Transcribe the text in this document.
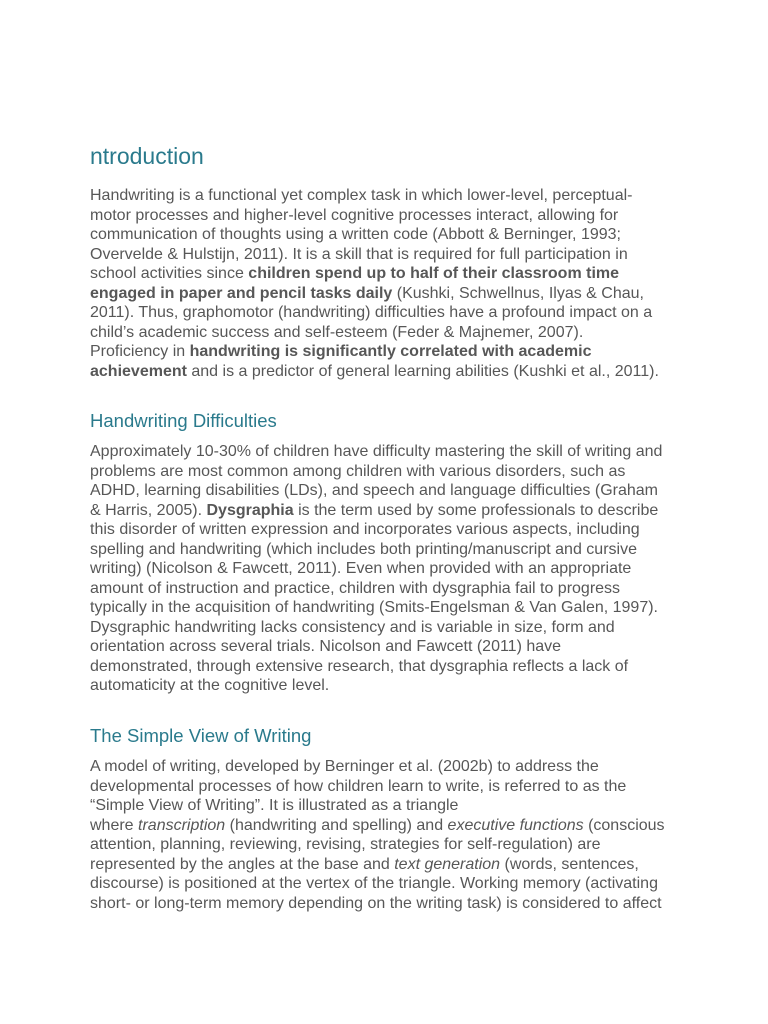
ntroduction
Handwriting is a functional yet complex task in which lower-level, perceptual-
motor processes and higher-level cognitive processes interact, allowing for
communication of thoughts using a written code (Abbott & Berninger, 1993;
Overvelde & Hulstijn, 2011). It is a skill that is required for full participation in
school activities since children spend up to half of their classroom time
engaged in paper and pencil tasks daily (Kushki, Schwellnus, Ilyas & Chau,
2011). Thus, graphomotor (handwriting) difficulties have a profound impact on a
child’s academic success and self-esteem (Feder & Majnemer, 2007).
Proficiency in handwriting is significantly correlated with academic
achievement and is a predictor of general learning abilities (Kushki et al., 2011).
Handwriting Difficulties
Approximately 10-30% of children have difficulty mastering the skill of writing and
problems are most common among children with various disorders, such as
ADHD, learning disabilities (LDs), and speech and language difficulties (Graham
& Harris, 2005). Dysgraphia is the term used by some professionals to describe
this disorder of written expression and incorporates various aspects, including
spelling and handwriting (which includes both printing/manuscript and cursive
writing) (Nicolson & Fawcett, 2011). Even when provided with an appropriate
amount of instruction and practice, children with dysgraphia fail to progress
typically in the acquisition of handwriting (Smits-Engelsman & Van Galen, 1997).
Dysgraphic handwriting lacks consistency and is variable in size, form and
orientation across several trials. Nicolson and Fawcett (2011) have
demonstrated, through extensive research, that dysgraphia reflects a lack of
automaticity at the cognitive level.
The Simple View of Writing
A model of writing, developed by Berninger et al. (2002b) to address the
developmental processes of how children learn to write, is referred to as the
“Simple View of Writing”. It is illustrated as a triangle
where transcription (handwriting and spelling) and executive functions (conscious
attention, planning, reviewing, revising, strategies for self-regulation) are
represented by the angles at the base and text generation (words, sentences,
discourse) is positioned at the vertex of the triangle. Working memory (activating
short- or long-term memory depending on the writing task) is considered to affect
